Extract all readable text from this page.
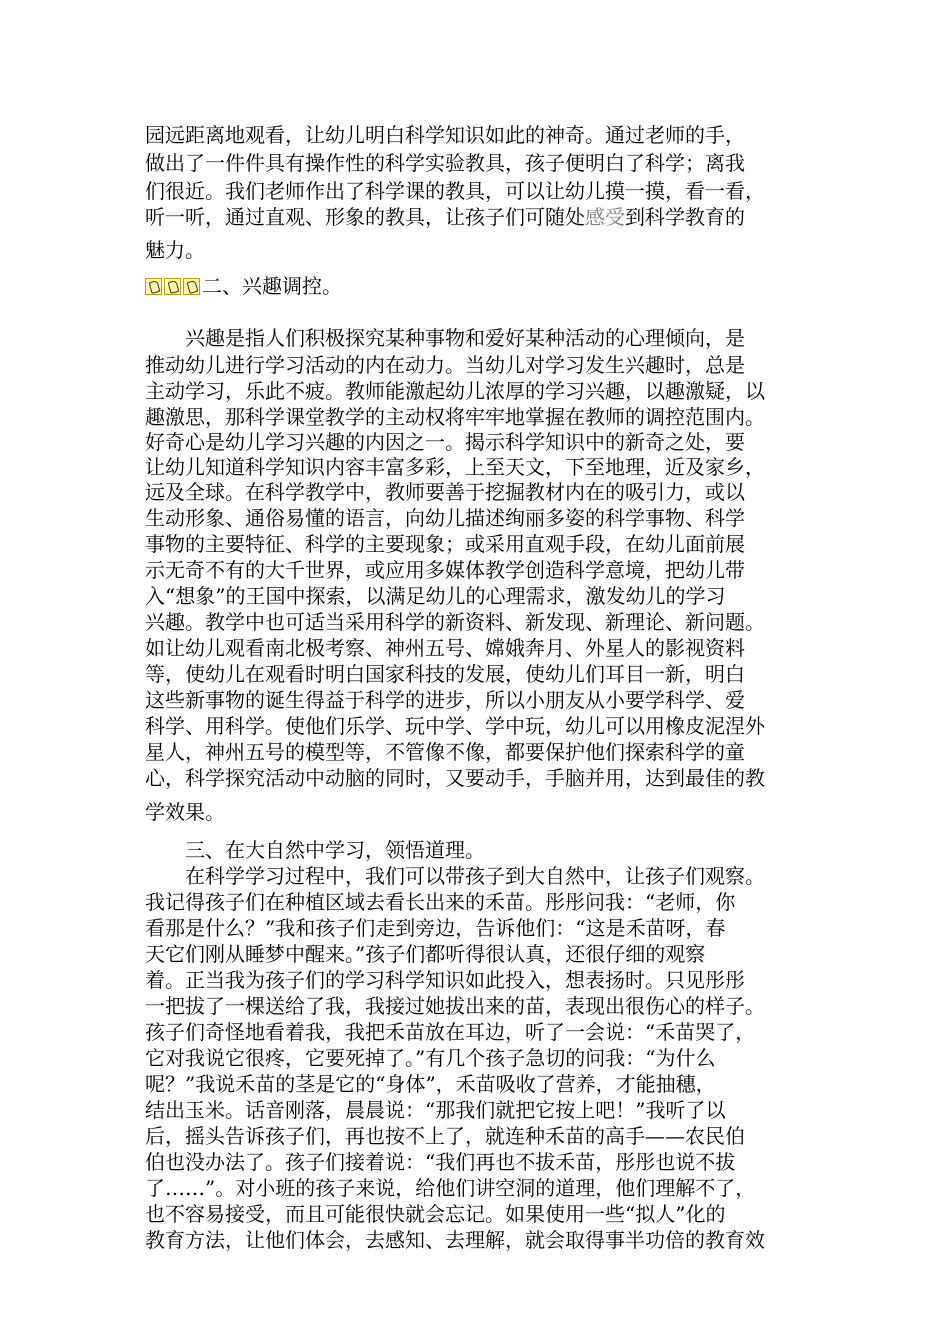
园远距离地观看，让幼儿明白科学知识如此的神奇。通过老师的手，
做出了一件件具有操作性的科学实验教具，孩子便明白了科学；离我
们很近。我们老师作出了科学课的教具，可以让幼儿摸一摸，看一看，
听一听，通过直观、形象的教具，让孩子们可随处感受到科学教育的
魅力。
二、兴趣调控。
兴趣是指人们积极探究某种事物和爱好某种活动的心理倾向，是
推动幼儿进行学习活动的内在动力。当幼儿对学习发生兴趣时，总是
主动学习，乐此不疲。教师能激起幼儿浓厚的学习兴趣，以趣激疑，以
趣激思，那科学课堂教学的主动权将牢牢地掌握在教师的调控范围内。
好奇心是幼儿学习兴趣的内因之一。揭示科学知识中的新奇之处，要
让幼儿知道科学知识内容丰富多彩，上至天文，下至地理，近及家乡，
远及全球。在科学教学中，教师要善于挖掘教材内在的吸引力，或以
生动形象、通俗易懂的语言，向幼儿描述绚丽多姿的科学事物、科学
事物的主要特征、科学的主要现象；或采用直观手段，在幼儿面前展
示无奇不有的大千世界，或应用多媒体教学创造科学意境，把幼儿带
入“想象”的王国中探索，以满足幼儿的心理需求，激发幼儿的学习
兴趣。教学中也可适当采用科学的新资料、新发现、新理论、新问题。
如让幼儿观看南北极考察、神州五号、嫦娥奔月、外星人的影视资料
等，使幼儿在观看时明白国家科技的发展，使幼儿们耳目一新，明白
这些新事物的诞生得益于科学的进步，所以小朋友从小要学科学、爱
科学、用科学。使他们乐学、玩中学、学中玩，幼儿可以用橡皮泥涅外
星人，神州五号的模型等，不管像不像，都要保护他们探索科学的童
心，科学探究活动中动脑的同时，又要动手，手脑并用，达到最佳的教
学效果。
三、在大自然中学习，领悟道理。
在科学学习过程中，我们可以带孩子到大自然中，让孩子们观察。
我记得孩子们在种植区域去看长出来的禾苗。彤彤问我：“老师，你
看那是什么？”我和孩子们走到旁边，告诉他们：“这是禾苗呀，春
天它们刚从睡梦中醒来。”孩子们都听得很认真，还很仔细的观察
着。正当我为孩子们的学习科学知识如此投入，想表扬时。只见彤彤
一把拔了一棵送给了我，我接过她拔出来的苗，表现出很伤心的样子。
孩子们奇怪地看着我，我把禾苗放在耳边，听了一会说：“禾苗哭了，
它对我说它很疼，它要死掉了。”有几个孩子急切的问我：“为什么
呢？”我说禾苗的茎是它的“身体”，禾苗吸收了营养，才能抽穗，
结出玉米。话音刚落，晨晨说：“那我们就把它按上吧！”我听了以
后，摇头告诉孩子们，再也按不上了，就连种禾苗的高手——农民伯
伯也没办法了。孩子们接着说：“我们再也不拔禾苗，彤彤也说不拔
了……”。对小班的孩子来说，给他们讲空洞的道理，他们理解不了，
也不容易接受，而且可能很快就会忘记。如果使用一些“拟人”化的
教育方法，让他们体会，去感知、去理解，就会取得事半功倍的教育效
